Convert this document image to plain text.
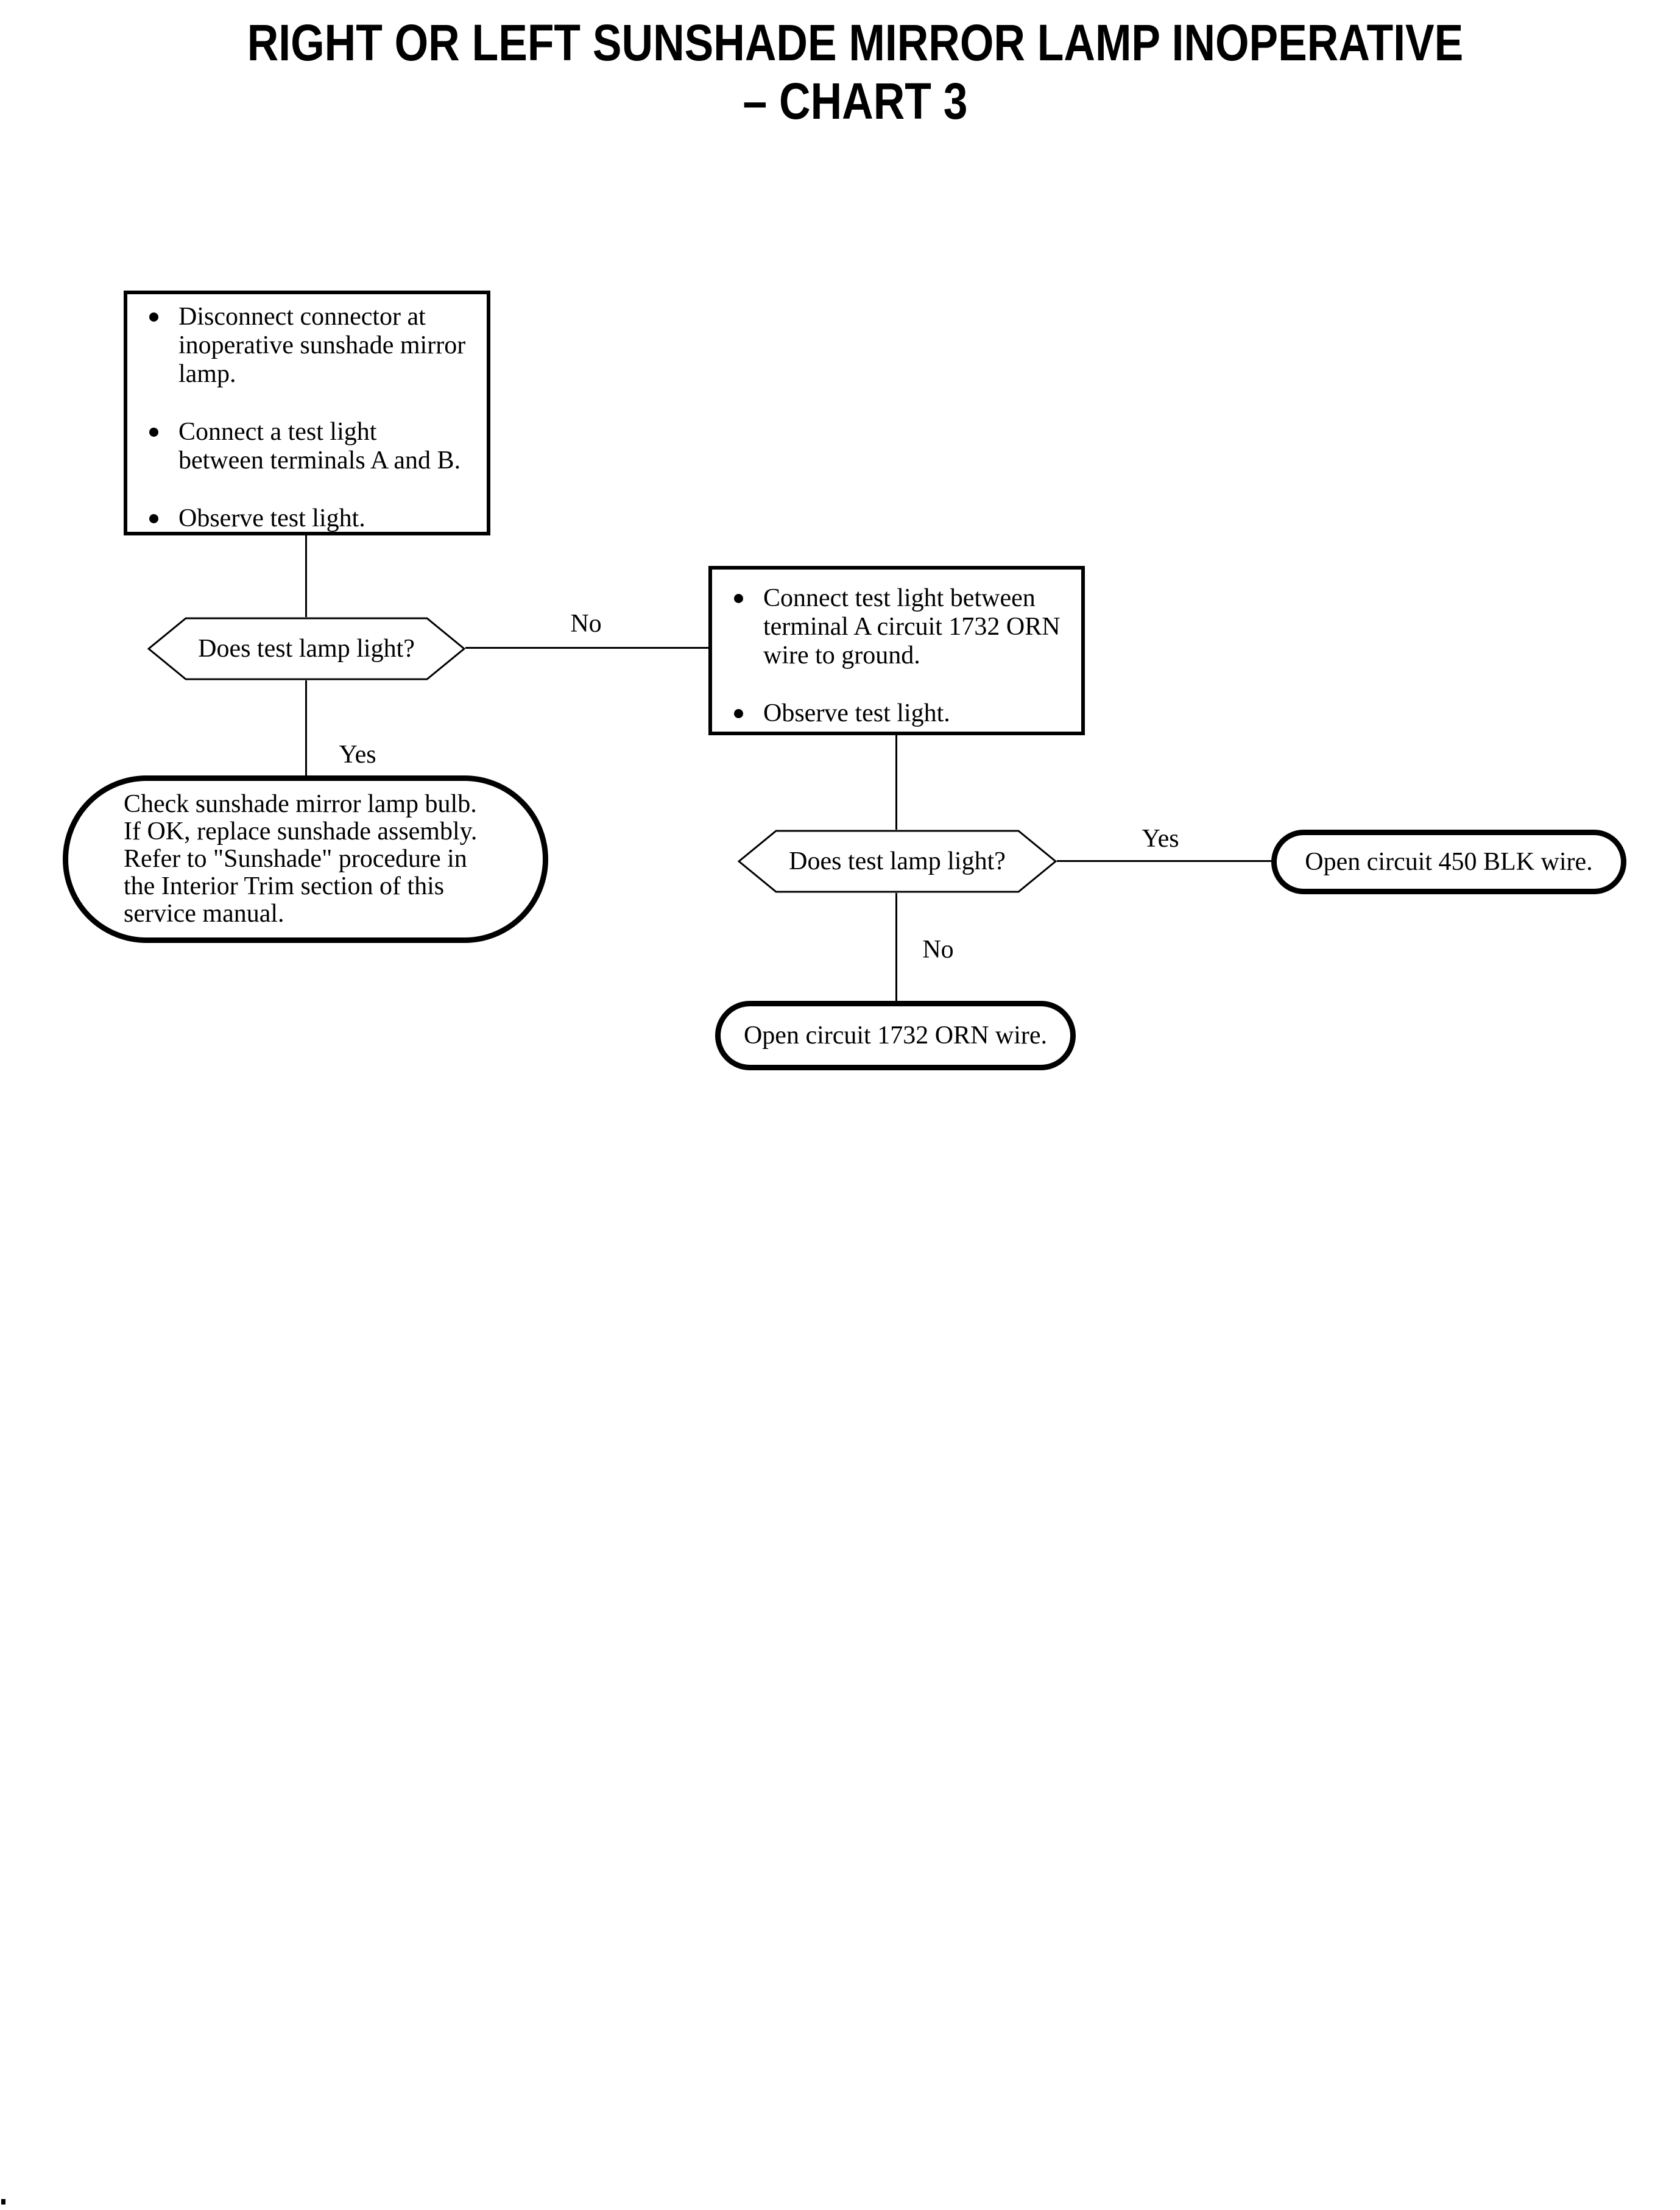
RIGHT OR LEFT SUNSHADE MIRROR LAMP INOPERATIVE
– CHART 3
Disconnect connector at
inoperative sunshade mirror
lamp.
Connect a test light
between terminals A and B.
Observe test light.
Does test lamp light?
No
Yes
Check sunshade mirror lamp bulb.
If OK, replace sunshade assembly.
Refer to "Sunshade" procedure in
the Interior Trim section of this
service manual.
Connect test light between
terminal A circuit 1732 ORN
wire to ground.
Observe test light.
Does test lamp light?
Yes
Open circuit 450 BLK wire.
No
Open circuit 1732 ORN wire.
